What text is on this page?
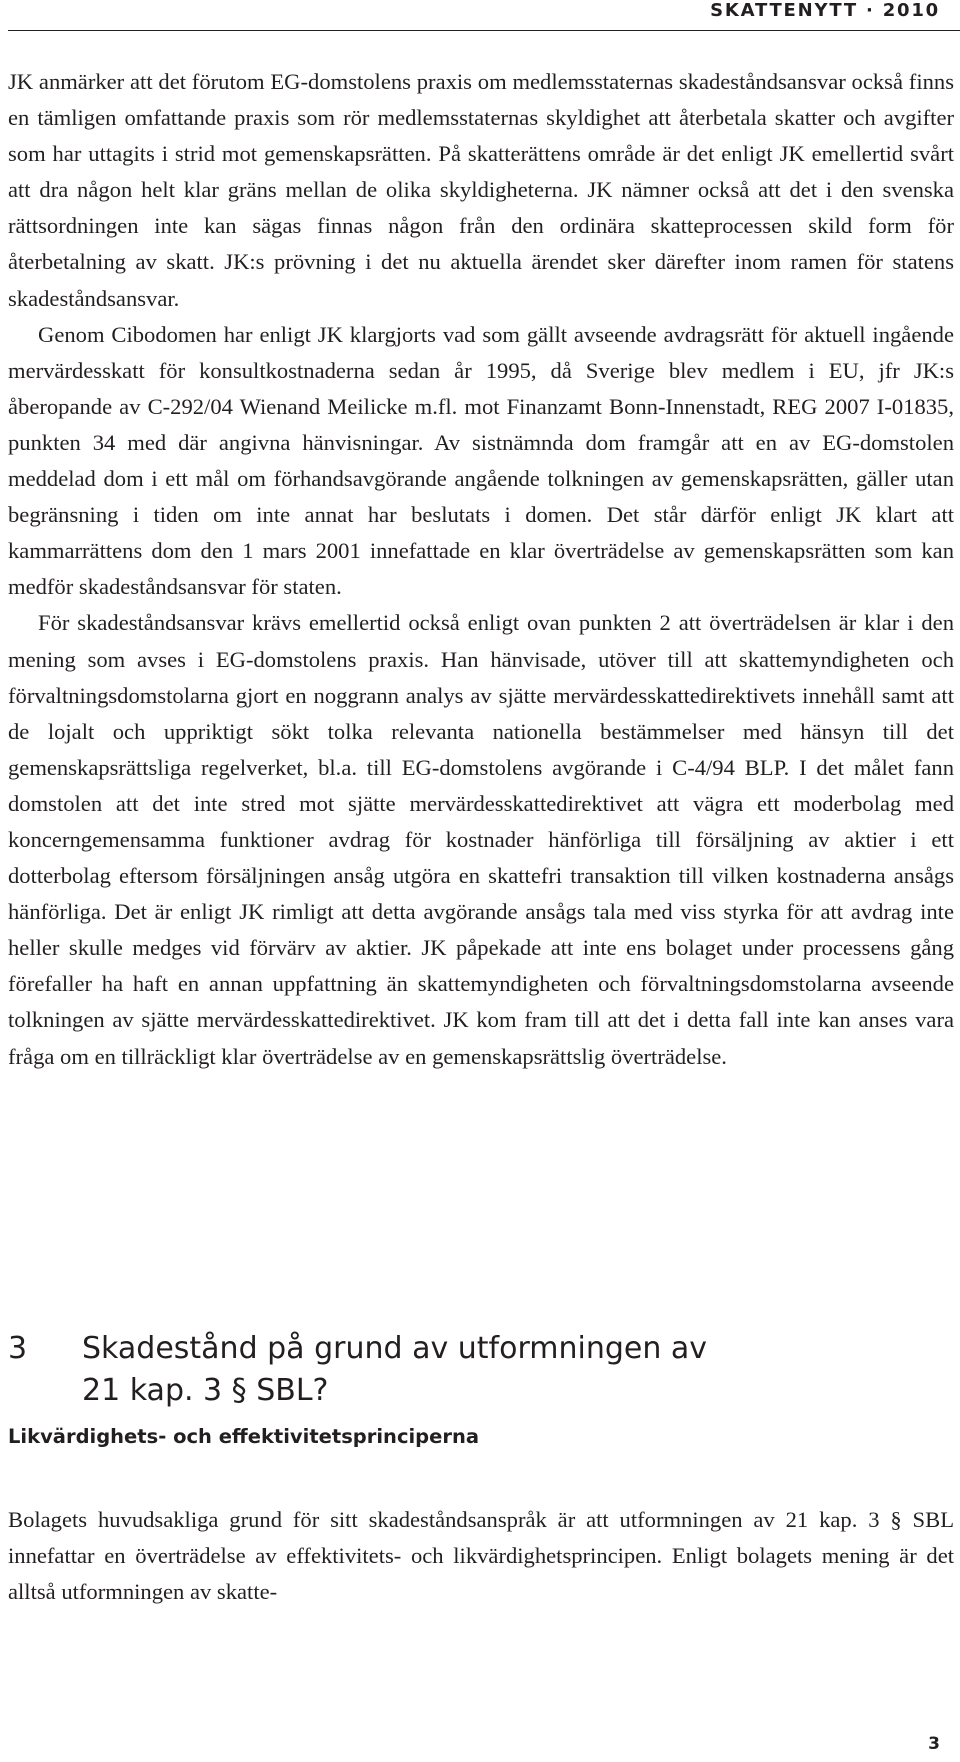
SKATTENYTT · 2010

JK anmärker att det förutom EG-domstolens praxis om medlemsstaternas skadeståndsansvar också finns en tämligen omfattande praxis som rör medlemsstaternas skyldighet att återbetala skatter och avgifter som har uttagits i strid mot gemenskapsrätten. På skatterättens område är det enligt JK emellertid svårt att dra någon helt klar gräns mellan de olika skyldigheterna. JK nämner också att det i den svenska rättsordningen inte kan sägas finnas någon från den ordinära skatteprocessen skild form för återbetalning av skatt. JK:s prövning i det nu aktuella ärendet sker därefter inom ramen för statens skadeståndsansvar.

Genom Cibodomen har enligt JK klargjorts vad som gällt avseende avdragsrätt för aktuell ingående mervärdesskatt för konsultkostnaderna sedan år 1995, då Sverige blev medlem i EU, jfr JK:s åberopande av C-292/04 Wienand Meilicke m.fl. mot Finanzamt Bonn-Innenstadt, REG 2007 I-01835, punkten 34 med där angivna hänvisningar. Av sistnämnda dom framgår att en av EG-domstolen meddelad dom i ett mål om förhandsavgörande angående tolkningen av gemenskapsrätten, gäller utan begränsning i tiden om inte annat har beslutats i domen. Det står därför enligt JK klart att kammarrättens dom den 1 mars 2001 innefattade en klar överträdelse av gemenskapsrätten som kan medför skadeståndsansvar för staten.

För skadeståndsansvar krävs emellertid också enligt ovan punkten 2 att överträdelsen är klar i den mening som avses i EG-domstolens praxis. Han hänvisade, utöver till att skattemyndigheten och förvaltningsdomstolarna gjort en noggrann analys av sjätte mervärdesskattedirektivets innehåll samt att de lojalt och uppriktigt sökt tolka relevanta nationella bestämmelser med hänsyn till det gemenskapsrättsliga regelverket, bl.a. till EG-domstolens avgörande i C-4/94 BLP. I det målet fann domstolen att det inte stred mot sjätte mervärdesskattedirektivet att vägra ett moderbolag med koncerngemensamma funktioner avdrag för kostnader hänförliga till försäljning av aktier i ett dotterbolag eftersom försäljningen ansåg utgöra en skattefri transaktion till vilken kostnaderna ansågs hänförliga. Det är enligt JK rimligt att detta avgörande ansågs tala med viss styrka för att avdrag inte heller skulle medges vid förvärv av aktier. JK påpekade att inte ens bolaget under processens gång förefaller ha haft en annan uppfattning än skattemyndigheten och förvaltningsdomstolarna avseende tolkningen av sjätte mervärdesskattedirektivet. JK kom fram till att det i detta fall inte kan anses vara fråga om en tillräckligt klar överträdelse av en gemenskapsrättslig överträdelse.

3	Skadestånd på grund av utformningen av
21 kap. 3 § SBL?
Likvärdighets- och effektivitetsprinciperna

Bolagets huvudsakliga grund för sitt skadeståndsanspråk är att utformningen av 21 kap. 3 § SBL innefattar en överträdelse av effektivitets- och likvärdighetsprincipen. Enligt bolagets mening är det alltså utformningen av skatte-

3
